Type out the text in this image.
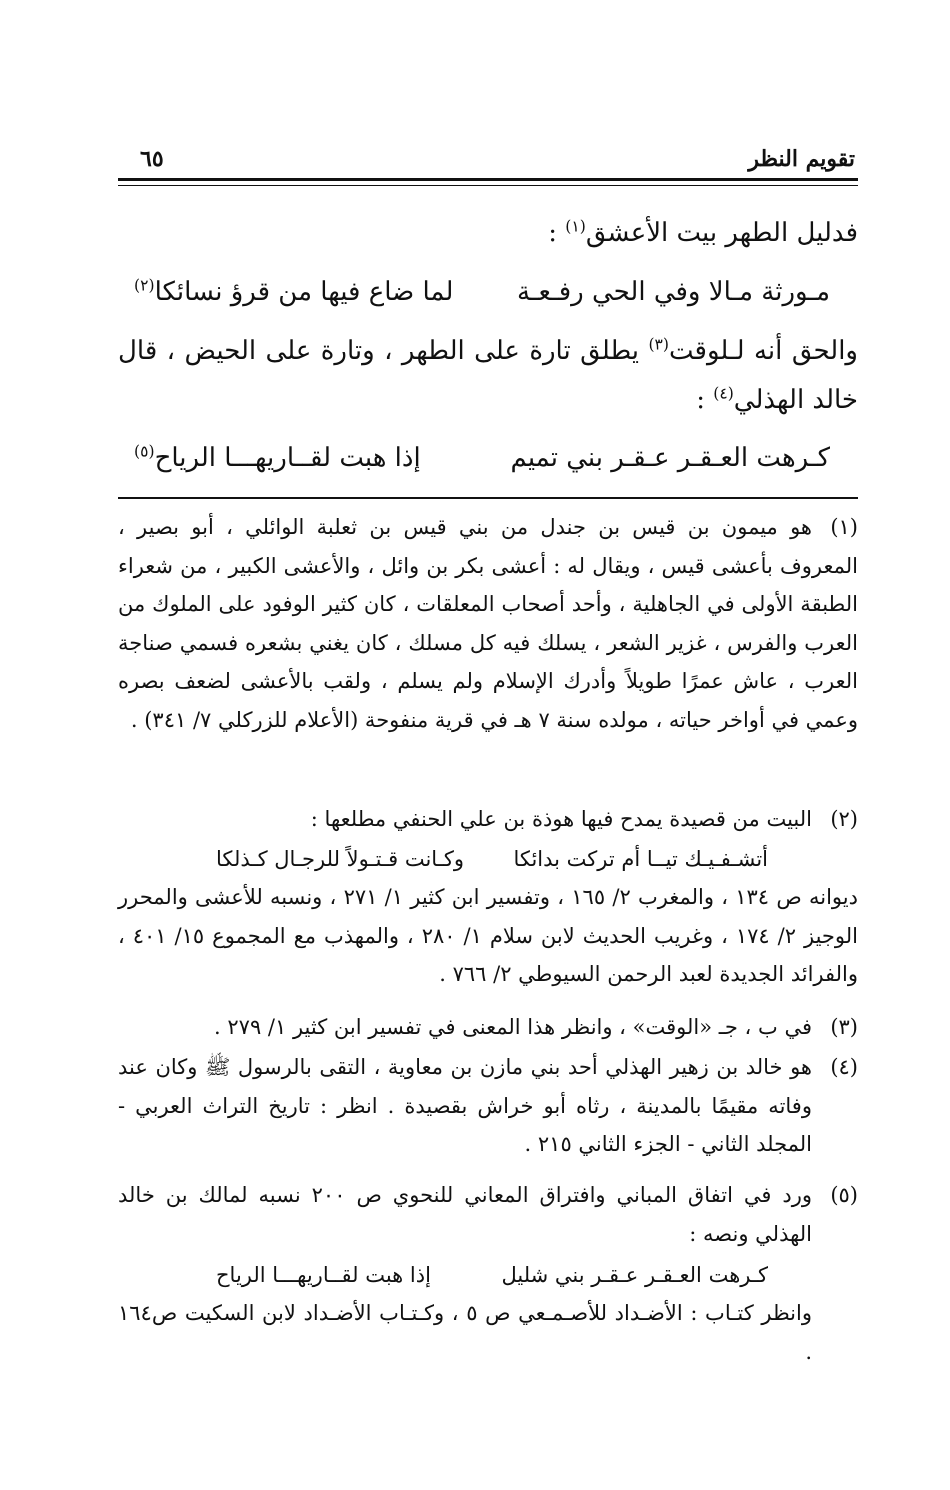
تقويم النظر
٦٥
فدليل الطهر بيت الأعشق$^{(١)}$ :
مـورثة مـالا وفي الحي رفـعـة
لما ضاع فيها من قرؤ نسائكا$^{(٢)}$
والحق أنه لـلوقت$^{(٣)}$ يطلق تارة على الطهر ، وتارة على الحيض ، قال
خالد الهذلي$^{(٤)}$ :
كـرهت العـقـر عـقـر بني تميم
إذا هبت لقــاريهـــا الرياح$^{(٥)}$
(١)
هو ميمون بن قيس بن جندل من بني قيس بن ثعلبة الوائلي ، أبو بصير ، المعروف بأعشى قيس ، ويقال له : أعشى بكر بن وائل ، والأعشى الكبير ، من شعراء الطبقة الأولى في الجاهلية ، وأحد أصحاب المعلقات ، كان كثير الوفود على الملوك من العرب والفرس ، غزير الشعر ، يسلك فيه كل مسلك ، كان يغني بشعره فسمي صناجة العرب ، عاش عمرًا طويلاً وأدرك الإسلام ولم يسلم ، ولقب بالأعشى لضعف بصره وعمي في أواخر حياته ، مولده سنة ٧ هـ في قرية منفوحة (الأعلام للزركلي ٧/ ٣٤١) .
(٢)
البيت من قصيدة يمدح فيها هوذة بن علي الحنفي مطلعها :
أتشـفـيـك تيــا أم تركت بدائكا
وكـانت قـتـولاً للرجـال كـذلكا
ديوانه ص ١٣٤ ، والمغرب ٢/ ١٦٥ ، وتفسير ابن كثير ١/ ٢٧١ ، ونسبه للأعشى والمحرر الوجيز ٢/ ١٧٤ ، وغريب الحديث لابن سلام ١/ ٢٨٠ ، والمهذب مع المجموع ١٥/ ٤٠١ ، والفرائد الجديدة لعبد الرحمن السيوطي ٢/ ٧٦٦ .
(٣)
في ب ، جـ «الوقت» ، وانظر هذا المعنى في تفسير ابن كثير ١/ ٢٧٩ .
(٤)
هو خالد بن زهير الهذلي أحد بني مازن بن معاوية ، التقى بالرسول ﷺ وكان عند وفاته مقيمًا بالمدينة ، رثاه أبو خراش بقصيدة . انظر : تاريخ التراث العربي - المجلد الثاني - الجزء الثاني ٢١٥ .
(٥)
ورد في اتفاق المباني وافتراق المعاني للنحوي ص ٢٠٠ نسبه لمالك بن خالد الهذلي ونصه :
كـرهت العـقـر عـقـر بني شليل
إذا هبت لقــاريهـــا الرياح
وانظر كتـاب : الأضـداد للأصـمـعي ص ٥ ، وكـتـاب الأضـداد لابن السكيت ص١٦٤ .
